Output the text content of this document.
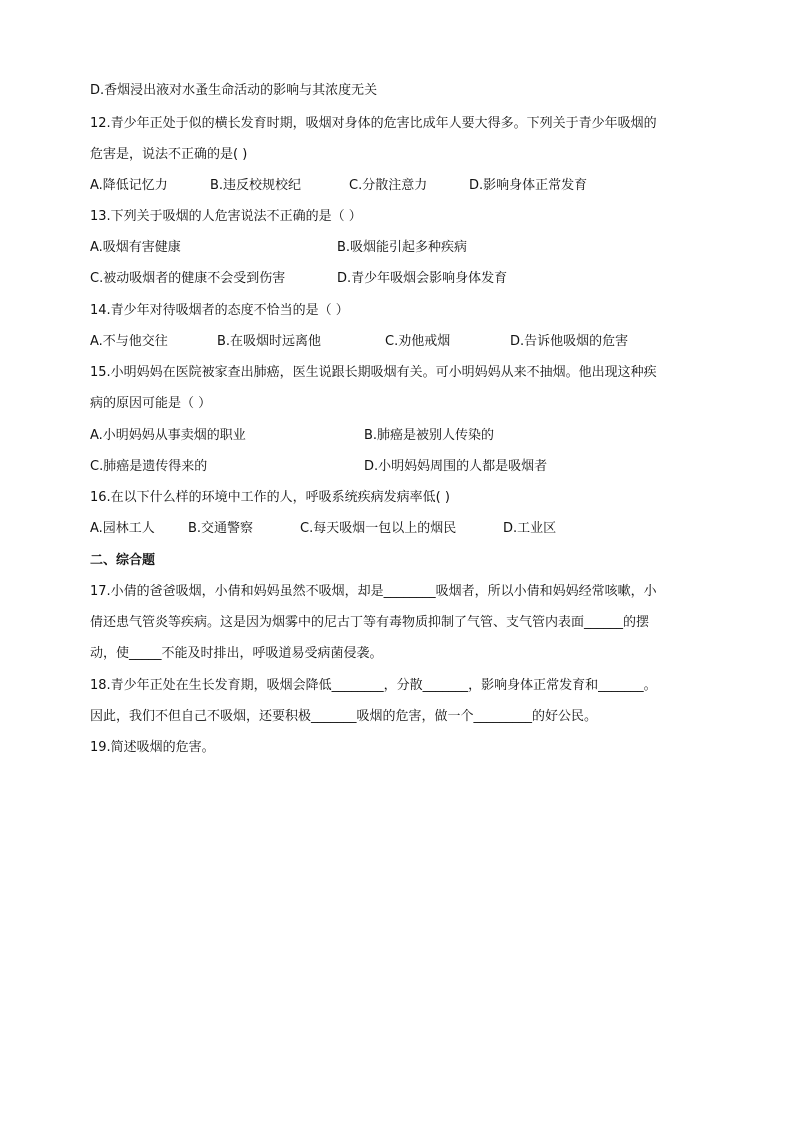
D.香烟浸出液对水蚤生命活动的影响与其浓度无关
12.青少年正处于似的横长发育时期，吸烟对身体的危害比成年人要大得多。下列关于青少年吸烟的
危害是，说法不正确的是( )
A.降低记忆力	B.违反校规校纪	C.分散注意力	D.影响身体正常发育
13.下列关于吸烟的人危害说法不正确的是（ ）
A.吸烟有害健康	B.吸烟能引起多种疾病
C.被动吸烟者的健康不会受到伤害	D.青少年吸烟会影响身体发育
14.青少年对待吸烟者的态度不恰当的是（ ）
A.不与他交往	B.在吸烟时远离他	C.劝他戒烟	D.告诉他吸烟的危害
15.小明妈妈在医院被家查出肺癌，医生说跟长期吸烟有关。可小明妈妈从来不抽烟。他出现这种疾
病的原因可能是（ ）
A.小明妈妈从事卖烟的职业	B.肺癌是被别人传染的
C.肺癌是遗传得来的	D.小明妈妈周围的人都是吸烟者
16.在以下什么样的环境中工作的人，呼吸系统疾病发病率低( )
A.园林工人	B.交通警察	C.每天吸烟一包以上的烟民	D.工业区
二、综合题
17.小倩的爸爸吸烟，小倩和妈妈虽然不吸烟，却是________吸烟者，所以小倩和妈妈经常咳嗽，小
倩还患气管炎等疾病。这是因为烟雾中的尼古丁等有毒物质抑制了气管、支气管内表面______的摆
动，使_____不能及时排出，呼吸道易受病菌侵袭。
18.青少年正处在生长发育期，吸烟会降低________，分散_______，影响身体正常发育和_______。
因此，我们不但自己不吸烟，还要积极_______吸烟的危害，做一个_________的好公民。
19.简述吸烟的危害。
